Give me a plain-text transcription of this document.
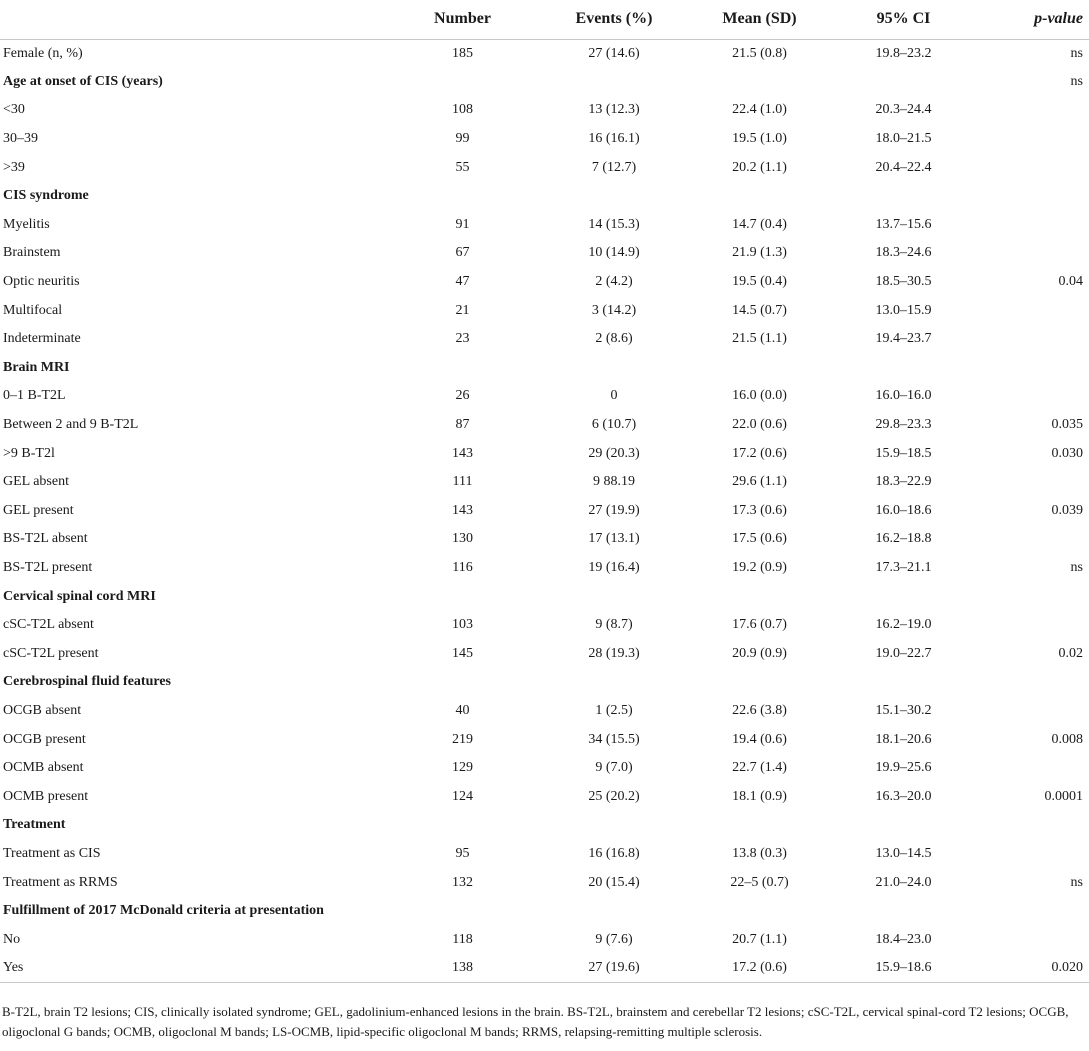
	Number	Events (%)	Mean (SD)	95% CI	p-value
Female (n, %)	185	27 (14.6)	21.5 (0.8)	19.8–23.2	ns
Age at onset of CIS (years)					ns
<30	108	13 (12.3)	22.4 (1.0)	20.3–24.4	
30–39	99	16 (16.1)	19.5 (1.0)	18.0–21.5	
>39	55	7 (12.7)	20.2 (1.1)	20.4–22.4	
CIS syndrome					
Myelitis	91	14 (15.3)	14.7 (0.4)	13.7–15.6	
Brainstem	67	10 (14.9)	21.9 (1.3)	18.3–24.6	
Optic neuritis	47	2 (4.2)	19.5 (0.4)	18.5–30.5	0.04
Multifocal	21	3 (14.2)	14.5 (0.7)	13.0–15.9	
Indeterminate	23	2 (8.6)	21.5 (1.1)	19.4–23.7	
Brain MRI					
0–1 B-T2L	26	0	16.0 (0.0)	16.0–16.0	
Between 2 and 9 B-T2L	87	6 (10.7)	22.0 (0.6)	29.8–23.3	0.035
>9 B-T2l	143	29 (20.3)	17.2 (0.6)	15.9–18.5	0.030
GEL absent	111	9 88.19	29.6 (1.1)	18.3–22.9	
GEL present	143	27 (19.9)	17.3 (0.6)	16.0–18.6	0.039
BS-T2L absent	130	17 (13.1)	17.5 (0.6)	16.2–18.8	
BS-T2L present	116	19 (16.4)	19.2 (0.9)	17.3–21.1	ns
Cervical spinal cord MRI					
cSC-T2L absent	103	9 (8.7)	17.6 (0.7)	16.2–19.0	
cSC-T2L present	145	28 (19.3)	20.9 (0.9)	19.0–22.7	0.02
Cerebrospinal fluid features					
OCGB absent	40	1 (2.5)	22.6 (3.8)	15.1–30.2	
OCGB present	219	34 (15.5)	19.4 (0.6)	18.1–20.6	0.008
OCMB absent	129	9 (7.0)	22.7 (1.4)	19.9–25.6	
OCMB present	124	25 (20.2)	18.1 (0.9)	16.3–20.0	0.0001
Treatment					
Treatment as CIS	95	16 (16.8)	13.8 (0.3)	13.0–14.5	
Treatment as RRMS	132	20 (15.4)	22–5 (0.7)	21.0–24.0	ns
Fulfillment of 2017 McDonald criteria at presentation					
No	118	9 (7.6)	20.7 (1.1)	18.4–23.0	
Yes	138	27 (19.6)	17.2 (0.6)	15.9–18.6	0.020
B-T2L, brain T2 lesions; CIS, clinically isolated syndrome; GEL, gadolinium-enhanced lesions in the brain. BS-T2L, brainstem and cerebellar T2 lesions; cSC-T2L, cervical spinal-cord T2 lesions; OCGB, oligoclonal G bands; OCMB, oligoclonal M bands; LS-OCMB, lipid-specific oligoclonal M bands; RRMS, relapsing-remitting multiple sclerosis.
